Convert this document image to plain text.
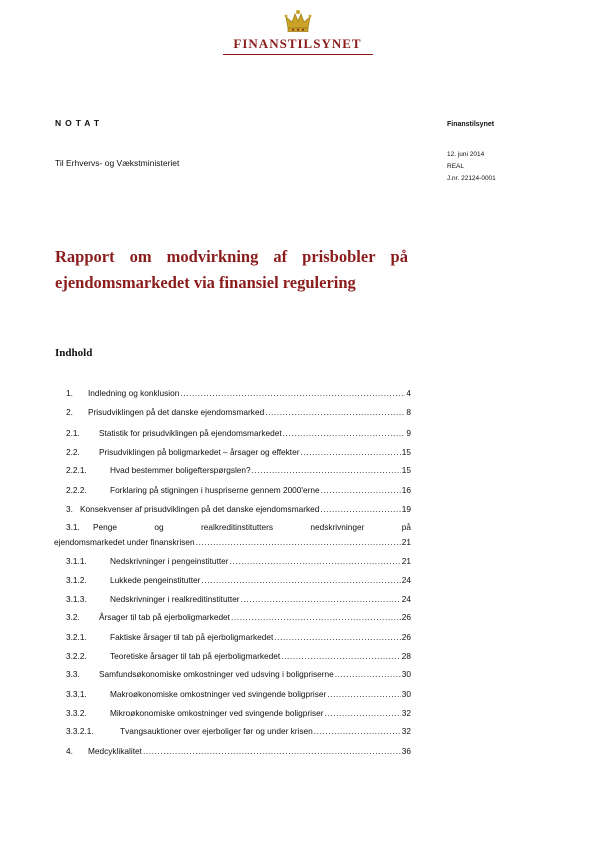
FINANSTILSYNET
NOTAT	Finanstilsynet
Til Erhvervs- og Vækstministeriet
12. juni 2014
REAL
J.nr. 22124-0001
Rapport om modvirkning af prisbobler på
ejendomsmarkedet via finansiel regulering
Indhold
1.	Indledning og konklusion .....	4
2.	Prisudviklingen på det danske ejendomsmarked .....	8
2.1.	Statistik for prisudviklingen på ejendomsmarkedet .....	9
2.2.	Prisudviklingen på boligmarkedet – årsager og effekter .....	15
2.2.1.	Hvad bestemmer boligefterspørgslen? .....	15
2.2.2.	Forklaring på stigningen i huspriserne gennem 2000'erne .....	16
3. Konsekvenser af prisudviklingen på det danske ejendomsmarked .....	19
3.1.	Penge	og	realkreditinstitutters	nedskrivninger	på
ejendomsmarkedet under finanskrisen .....	21
3.1.1.	Nedskrivninger i pengeinstitutter .....	21
3.1.2.	Lukkede pengeinstitutter .....	24
3.1.3.	Nedskrivninger i realkreditinstitutter .....	24
3.2.	Årsager til tab på ejerboligmarkedet .....	26
3.2.1.	Faktiske årsager til tab på ejerboligmarkedet .....	26
3.2.2.	Teoretiske årsager til tab på ejerboligmarkedet .....	28
3.3.	Samfundsøkonomiske omkostninger ved udsving i boligpriserne .....	30
3.3.1.	Makroøkonomiske omkostninger ved svingende boligpriser .....	30
3.3.2.	Mikroøkonomiske omkostninger ved svingende boligpriser .....	32
3.3.2.1.	Tvangsauktioner over ejerboliger før og under krisen .....	32
4.	Medcyklikalitet .....	36
